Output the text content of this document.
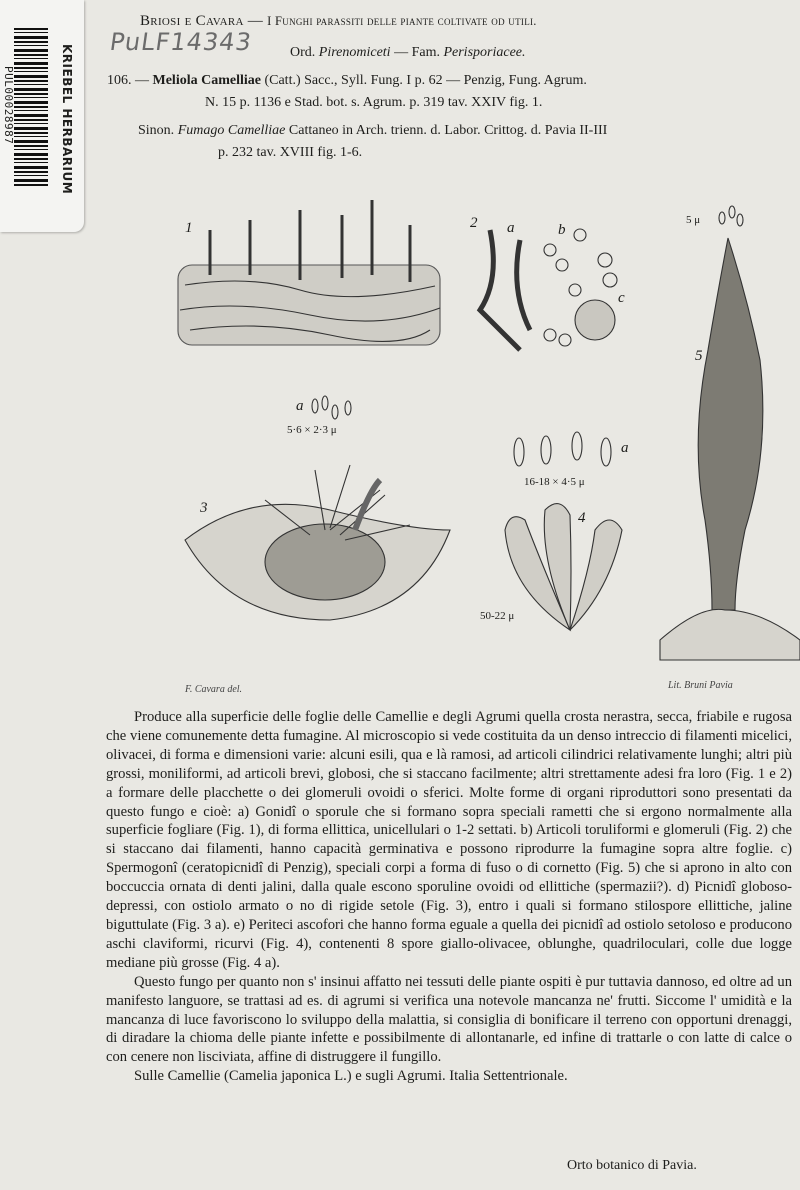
KRIEBEL HERBARIUM
PUL00028987
PuLF14343
Briosi e Cavara — I Funghi parassiti delle piante coltivate od utili.
Ord. Pirenomiceti — Fam. Perisporiacee.
106. — Meliola Camelliae (Catt.) Sacc., Syll. Fung. I p. 62 — Penzig, Fung. Agrum.
N. 15 p. 1136 e Stad. bot. s. Agrum. p. 319 tav. XXIV fig. 1.
Sinon. Fumago Camelliae Cattaneo in Arch. trienn. d. Labor. Crittog. d. Pavia II-III
p. 232 tav. XVIII fig. 1-6.
1	2
3
4
5
a	b
c
a
a
5·6 × 2·3 μ
16-18 × 4·5 μ
50-22 μ
5 μ
F. Cavara del.	Lit. Bruni Pavia

Produce alla superficie delle foglie delle Camellie e degli Agrumi quella crosta nerastra, secca, friabile e rugosa che viene comunemente detta fumagine. Al microscopio si vede costituita da un denso intreccio di filamenti micelici, olivacei, di forma e dimensioni varie: alcuni esili, qua e là ramosi, ad articoli cilindrici relativamente lunghi; altri più grossi, moniliformi, ad articoli brevi, globosi, che si staccano facilmente; altri strettamente adesi fra loro (Fig. 1 e 2) a formare delle placchette o dei glomeruli ovoidi o sferici. Molte forme di organi riproduttori sono presentati da questo fungo e cioè: a) Gonidî o sporule che si formano sopra speciali rametti che si ergono normalmente alla superficie fogliare (Fig. 1), di forma ellittica, unicellulari o 1-2 settati. b) Articoli toruliformi e glomeruli (Fig. 2) che si staccano dai filamenti, hanno capacità germinativa e possono riprodurre la fumagine sopra altre foglie. c) Spermogonî (ceratopicnidî di Penzig), speciali corpi a forma di fuso o di cornetto (Fig. 5) che si aprono in alto con boccuccia ornata di denti jalini, dalla quale escono sporuline ovoidi od ellittiche (spermazii?). d) Picnidî globoso-depressi, con ostiolo armato o no di rigide setole (Fig. 3), entro i quali si formano stilospore ellittiche, jaline biguttulate (Fig. 3 a). e) Periteci ascofori che hanno forma eguale a quella dei picnidî ad ostiolo setoloso e producono aschi claviformi, ricurvi (Fig. 4), contenenti 8 spore giallo-olivacee, oblunghe, quadriloculari, colle due logge mediane più grosse (Fig. 4 a).

Questo fungo per quanto non s' insinui affatto nei tessuti delle piante ospiti è pur tuttavia dannoso, ed oltre ad un manifesto languore, se trattasi ad es. di agrumi si verifica una notevole mancanza ne' frutti. Siccome l' umidità e la mancanza di luce favoriscono lo sviluppo della malattia, si consiglia di bonificare il terreno con opportuni drenaggi, di diradare la chioma delle piante infette e possibilmente di allontanarle, ed infine di trattarle o con latte di calce o con cenere non lisciviata, affine di distruggere il fungillo.

Sulle Camellie (Camelia japonica L.) e sugli Agrumi. Italia Settentrionale.

Orto botanico di Pavia.
